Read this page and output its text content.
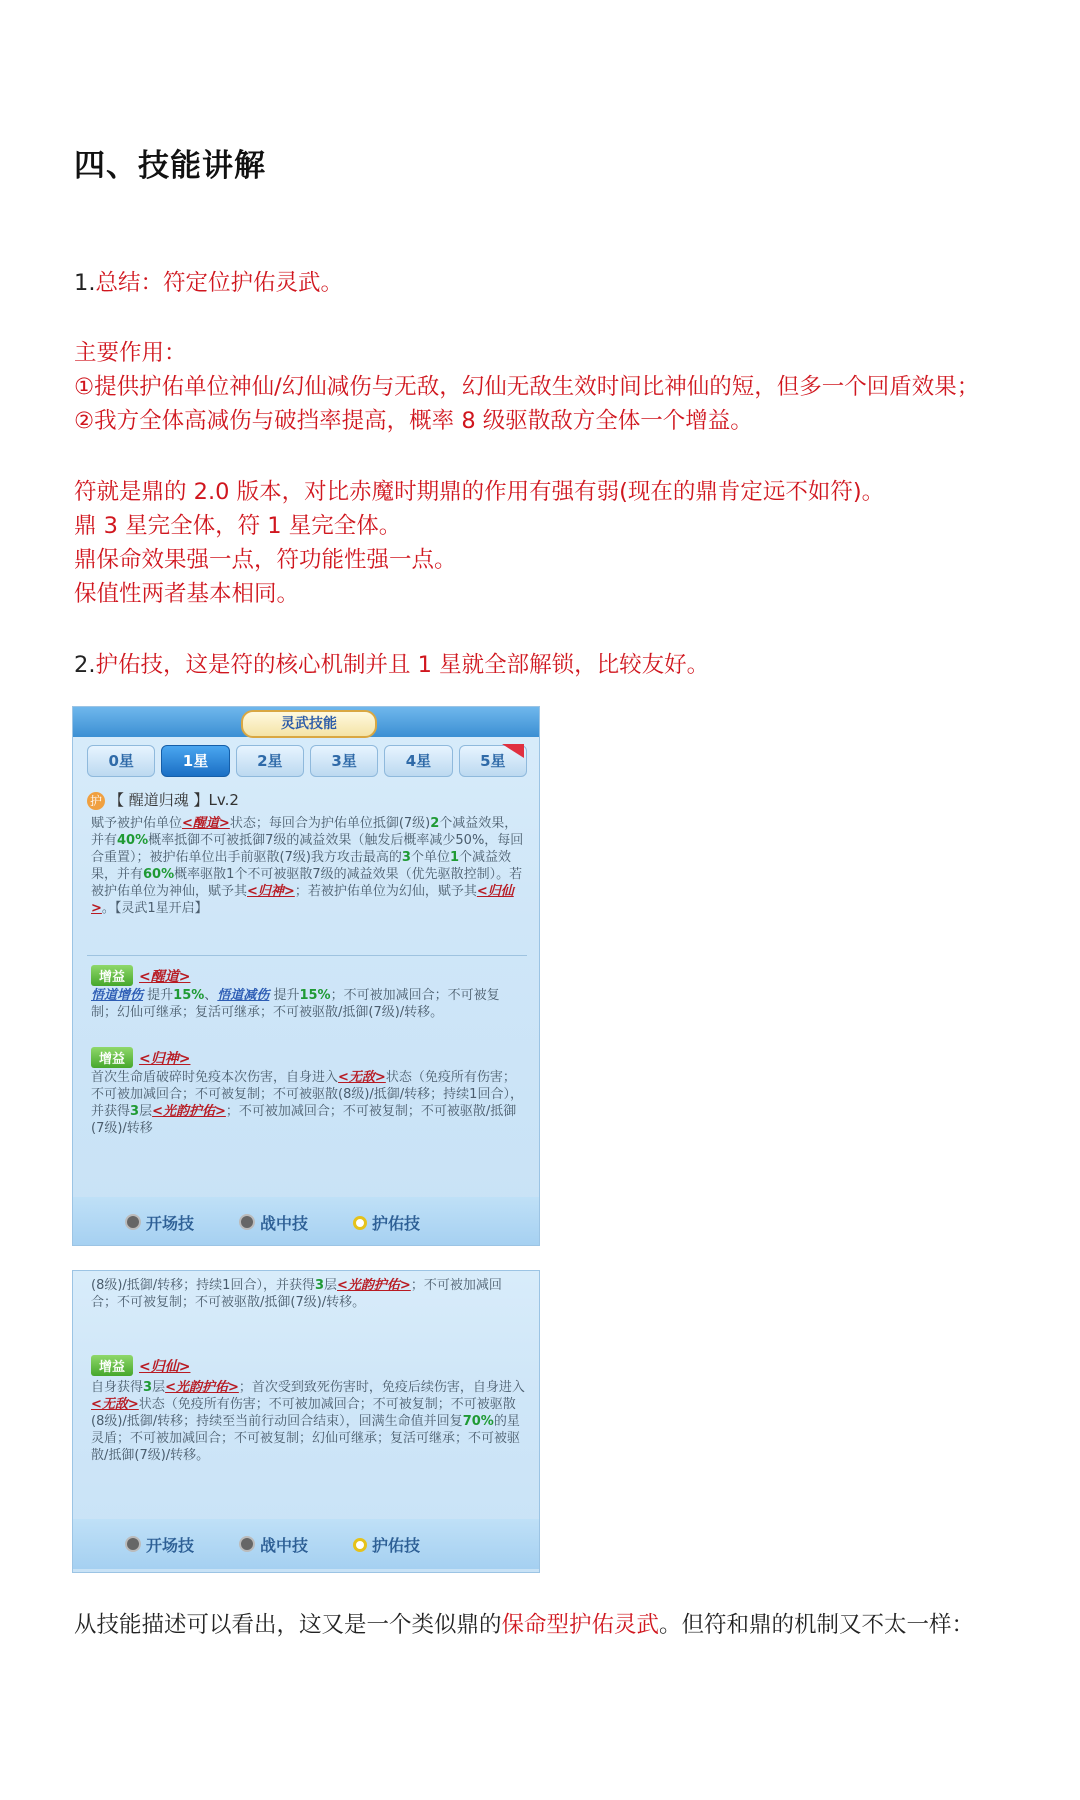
四、技能讲解
1.总结：符定位护佑灵武。
主要作用：
①提供护佑单位神仙/幻仙减伤与无敌，幻仙无敌生效时间比神仙的短，但多一个回盾效果；
②我方全体高减伤与破挡率提高，概率 8 级驱散敌方全体一个增益。
符就是鼎的 2.0 版本，对比赤魔时期鼎的作用有强有弱(现在的鼎肯定远不如符)。
鼎 3 星完全体，符 1 星完全体。
鼎保命效果强一点，符功能性强一点。
保值性两者基本相同。
2.护佑技，这是符的核心机制并且 1 星就全部解锁，比较友好。
灵武技能
0星	1星	2星	3星	4星	5星
护 【 醒道归魂 】Lv.2
赋予被护佑单位<醒道>状态；每回合为护佑单位抵御(7级)2个减益效果，并有40%概率抵御不可被抵御7级的减益效果（触发后概率减少50%，每回合重置）；被护佑单位出手前驱散(7级)我方攻击最高的3个单位1个减益效果，并有60%概率驱散1个不可被驱散7级的减益效果（优先驱散控制）。若被护佑单位为神仙，赋予其<归神>；若被护佑单位为幻仙，赋予其<归仙>。【灵武1星开启】
增益 <醒道>
悟道增伤 提升15%、悟道减伤 提升15%；不可被加减回合；不可被复制；幻仙可继承；复活可继承；不可被驱散/抵御(7级)/转移。
增益 <归神>
首次生命盾破碎时免疫本次伤害，自身进入<无敌>状态（免疫所有伤害；不可被加减回合；不可被复制；不可被驱散(8级)/抵御/转移；持续1回合），并获得3层<光韵护佑>；不可被加减回合；不可被复制；不可被驱散/抵御(7级)/转移
开场技	战中技	护佑技
(8级)/抵御/转移；持续1回合），并获得3层<光韵护佑>；不可被加减回合；不可被复制；不可被驱散/抵御(7级)/转移。
增益 <归仙>
自身获得3层<光韵护佑>；首次受到致死伤害时，免疫后续伤害，自身进入<无敌>状态（免疫所有伤害；不可被加减回合；不可被复制；不可被驱散(8级)/抵御/转移；持续至当前行动回合结束），回满生命值并回复70%的星灵盾；不可被加减回合；不可被复制；幻仙可继承；复活可继承；不可被驱散/抵御(7级)/转移。
开场技	战中技	护佑技
从技能描述可以看出，这又是一个类似鼎的保命型护佑灵武。但符和鼎的机制又不太一样：
